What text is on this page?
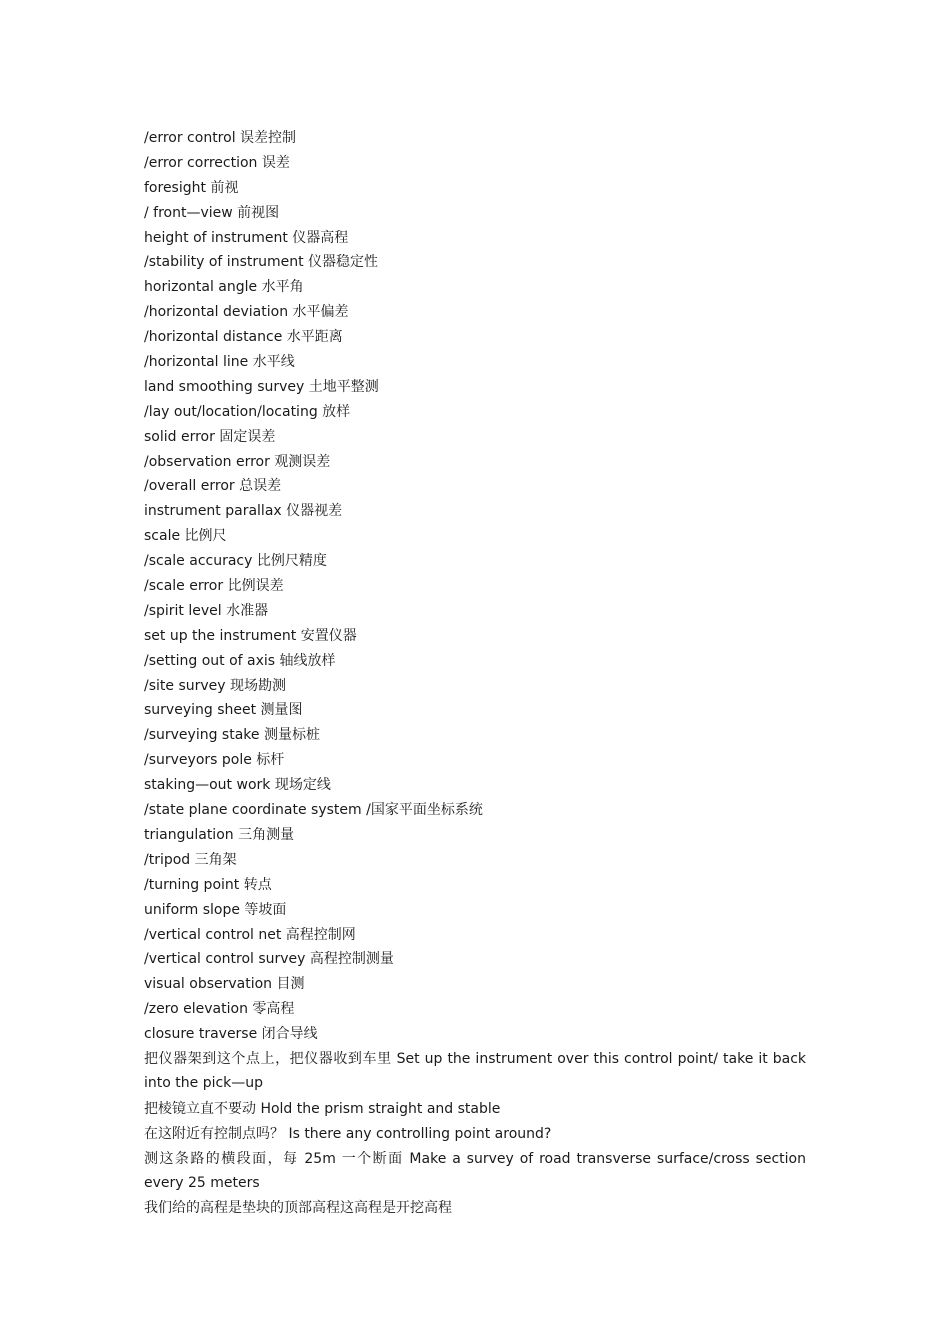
/error control 误差控制
/error correction 误差
foresight 前视
/ front—view 前视图
height of instrument 仪器高程
/stability of instrument 仪器稳定性
horizontal angle 水平角
/horizontal deviation 水平偏差
/horizontal distance 水平距离
/horizontal line 水平线
land smoothing survey 土地平整测
/lay out/location/locating 放样
solid error 固定误差
/observation error 观测误差
/overall error 总误差
instrument parallax 仪器视差
scale 比例尺
/scale accuracy 比例尺精度
/scale error 比例误差
/spirit level 水准器
set up the instrument 安置仪器
/setting out of axis 轴线放样
/site survey 现场勘测
surveying sheet 测量图
/surveying stake 测量标桩
/surveyors pole 标杆
staking—out work 现场定线
/state plane coordinate system /国家平面坐标系统
triangulation 三角测量
/tripod 三角架
/turning point 转点
uniform slope 等坡面
/vertical control net 高程控制网
/vertical control survey 高程控制测量
visual observation 目测
/zero elevation 零高程
closure traverse 闭合导线

把仪器架到这个点上，把仪器收到车里 Set up the instrument over this control point/ take it back into the pick—up

把棱镜立直不要动 Hold the prism straight and stable

在这附近有控制点吗？ Is there any controlling point around?

测这条路的横段面，每 25m 一个断面 Make a survey of road transverse surface/cross section every 25 meters

我们给的高程是垫块的顶部高程这高程是开挖高程
